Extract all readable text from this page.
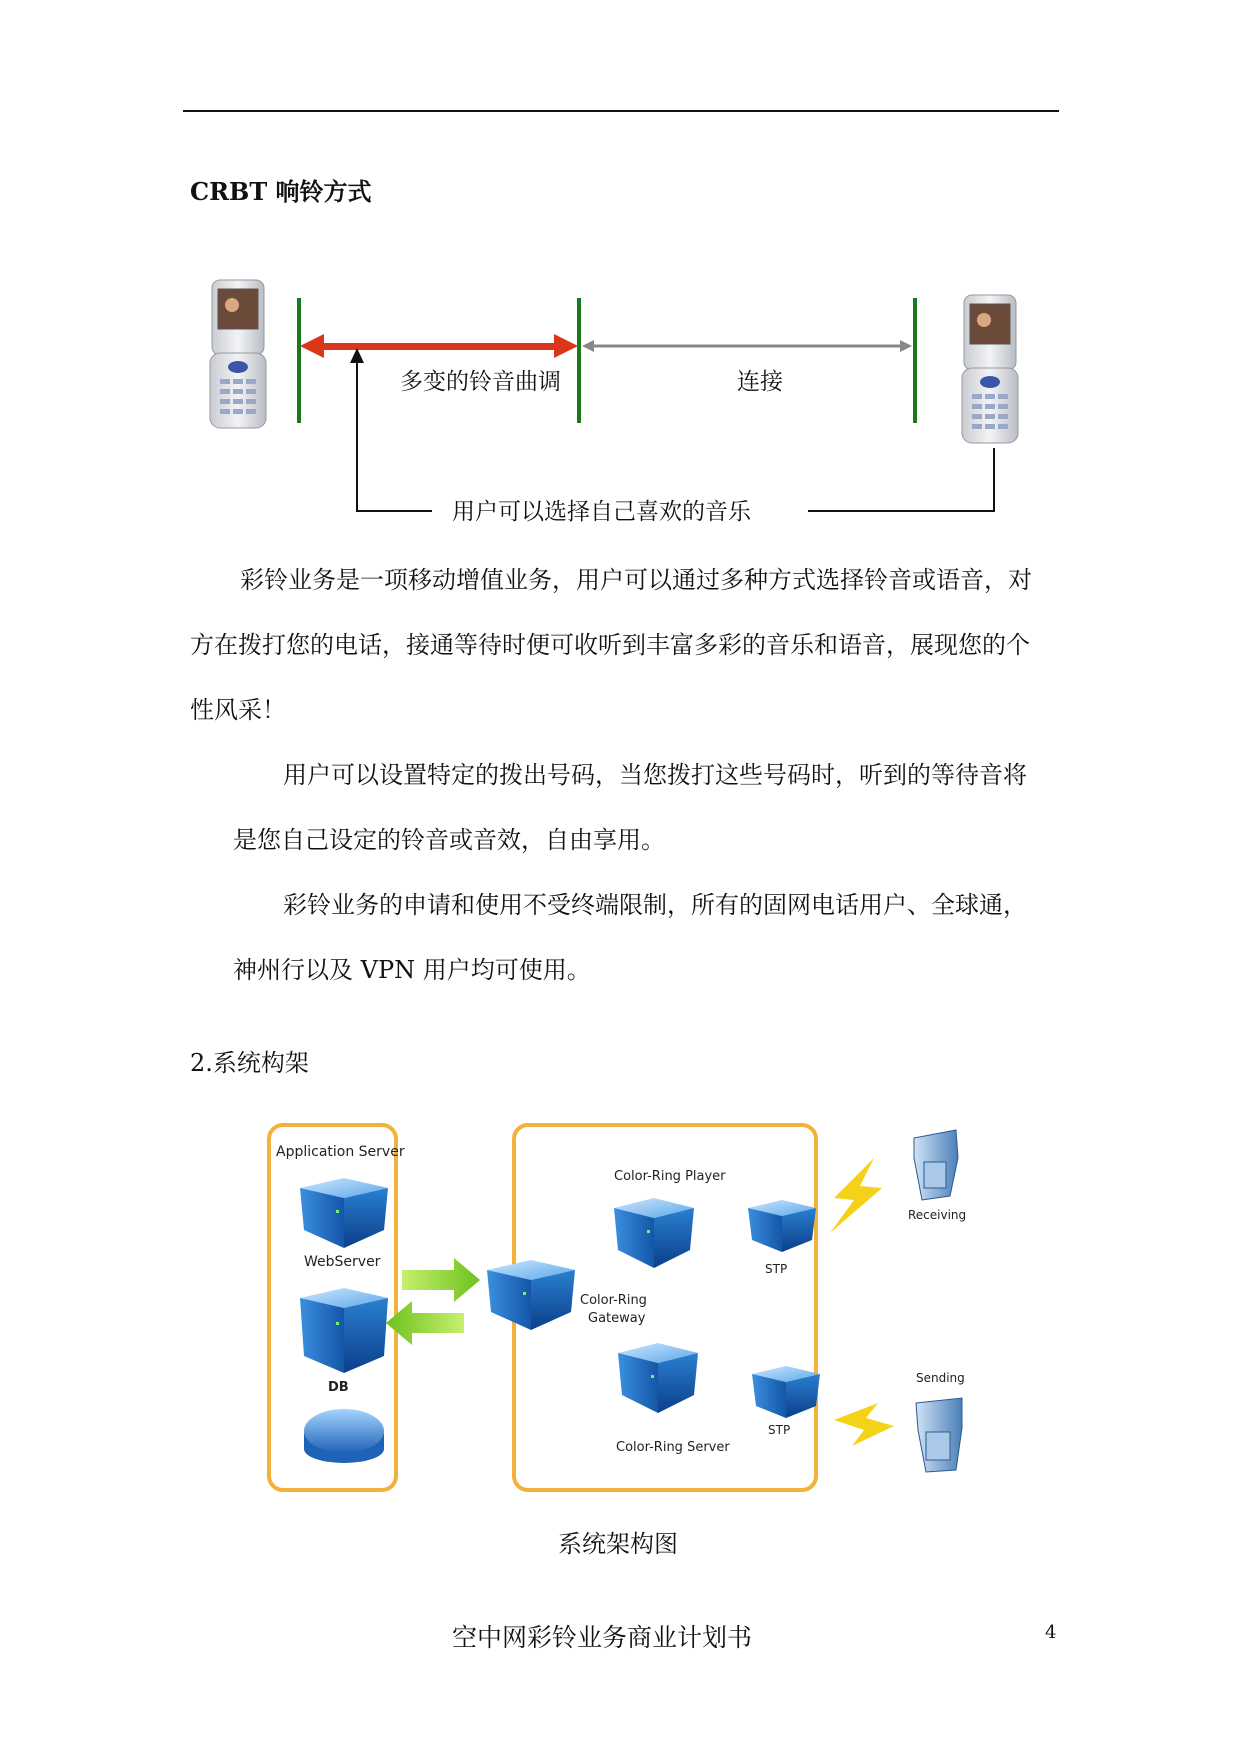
CRBT 响铃方式
多变的铃音曲调	连接
用户可以选择自己喜欢的音乐
彩铃业务是一项移动增值业务，用户可以通过多种方式选择铃音或语音，对
方在拨打您的电话，接通等待时便可收听到丰富多彩的音乐和语音，展现您的个
性风采！
用户可以设置特定的拨出号码，当您拨打这些号码时，听到的等待音将
是您自己设定的铃音或音效，自由享用。
彩铃业务的申请和使用不受终端限制，所有的固网电话用户、全球通，
神州行以及 VPN 用户均可使用。
2.系统构架
Application Server
WebServer
DB
Color-Ring
Gateway
Color-Ring Player
Color-Ring Server
STP
STP
Receiving
Sending
系统架构图
空中网彩铃业务商业计划书	4
